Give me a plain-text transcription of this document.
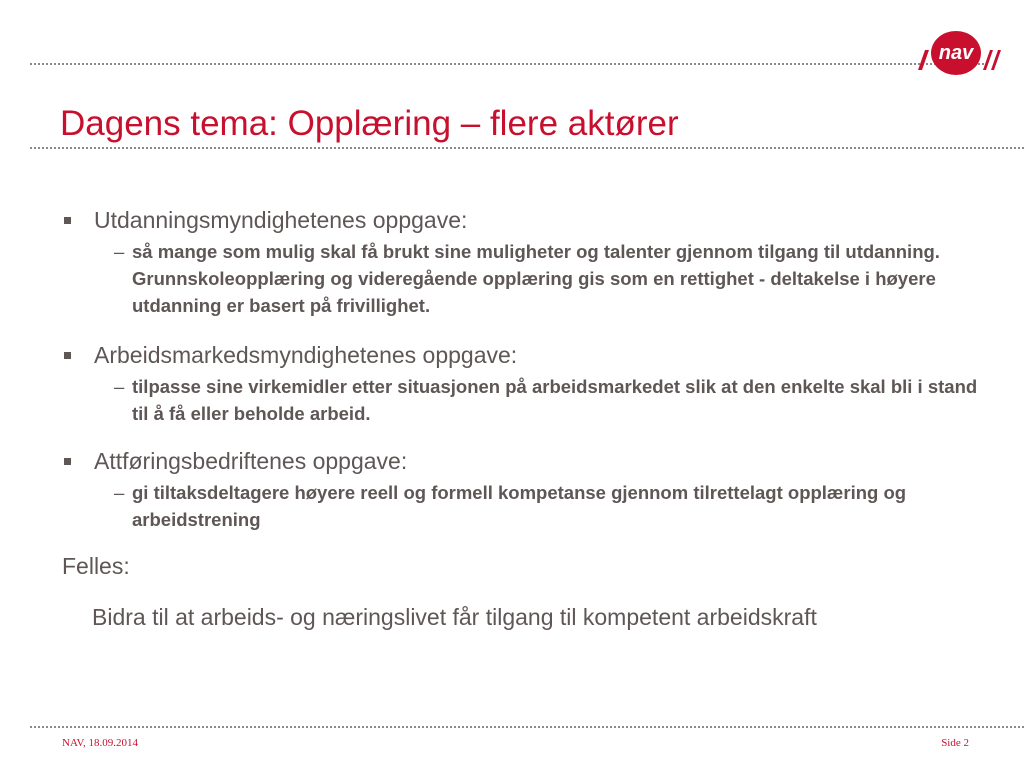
nav
Dagens tema: Opplæring – flere aktører
Utdanningsmyndighetenes oppgave:
– så mange som mulig skal få brukt sine muligheter og talenter gjennom tilgang til utdanning. Grunnskoleopplæring og videregående opplæring gis som en rettighet - deltakelse i høyere utdanning er basert på frivillighet.
Arbeidsmarkedsmyndighetenes oppgave:
– tilpasse sine virkemidler etter situasjonen på arbeidsmarkedet slik at den enkelte skal bli i stand til å få eller beholde arbeid.
Attføringsbedriftenes oppgave:
– gi tiltaksdeltagere høyere reell og formell kompetanse gjennom tilrettelagt opplæring og arbeidstrening
Felles:
Bidra til at arbeids- og næringslivet får tilgang til kompetent arbeidskraft
NAV, 18.09.2014	Side 2
